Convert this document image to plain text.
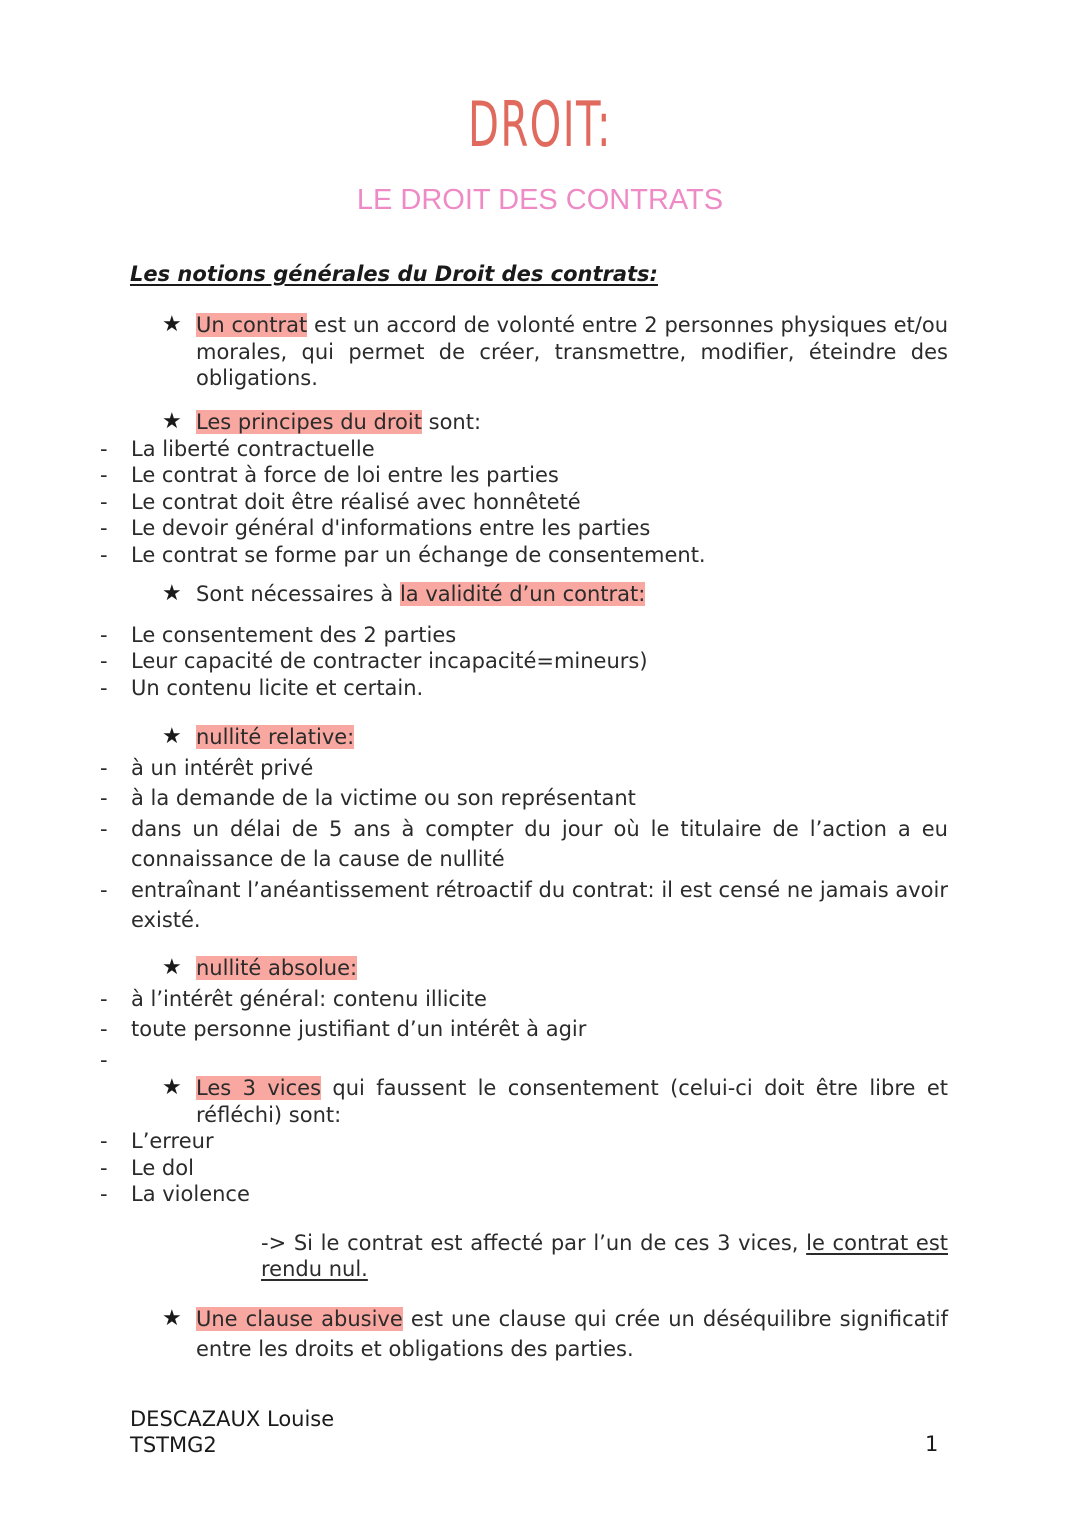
DROIT:
LE DROIT DES CONTRATS
Les notions générales du Droit des contrats:
★ Un contrat est un accord de volonté entre 2 personnes physiques et/ou morales, qui permet de créer, transmettre, modifier, éteindre des obligations.
★ Les principes du droit sont:
- La liberté contractuelle
- Le contrat à force de loi entre les parties
- Le contrat doit être réalisé avec honnêteté
- Le devoir général d'informations entre les parties
- Le contrat se forme par un échange de consentement.
★ Sont nécessaires à la validité d’un contrat:
- Le consentement des 2 parties
- Leur capacité de contracter incapacité=mineurs)
- Un contenu licite et certain.
★ nullité relative:
- à un intérêt privé
- à la demande de la victime ou son représentant
- dans un délai de 5 ans à compter du jour où le titulaire de l’action a eu connaissance de la cause de nullité
- entraînant l’anéantissement rétroactif du contrat: il est censé ne jamais avoir existé.
★ nullité absolue:
- à l’intérêt général: contenu illicite
- toute personne justifiant d’un intérêt à agir
-

★ Les 3 vices qui faussent le consentement (celui-ci doit être libre et réfléchi) sont:
- L’erreur
- Le dol
- La violence
-> Si le contrat est affecté par l’un de ces 3 vices, le contrat est rendu nul.
★ Une clause abusive est une clause qui crée un déséquilibre significatif entre les droits et obligations des parties.
DESCAZAUX Louise
TSTMG2	1
